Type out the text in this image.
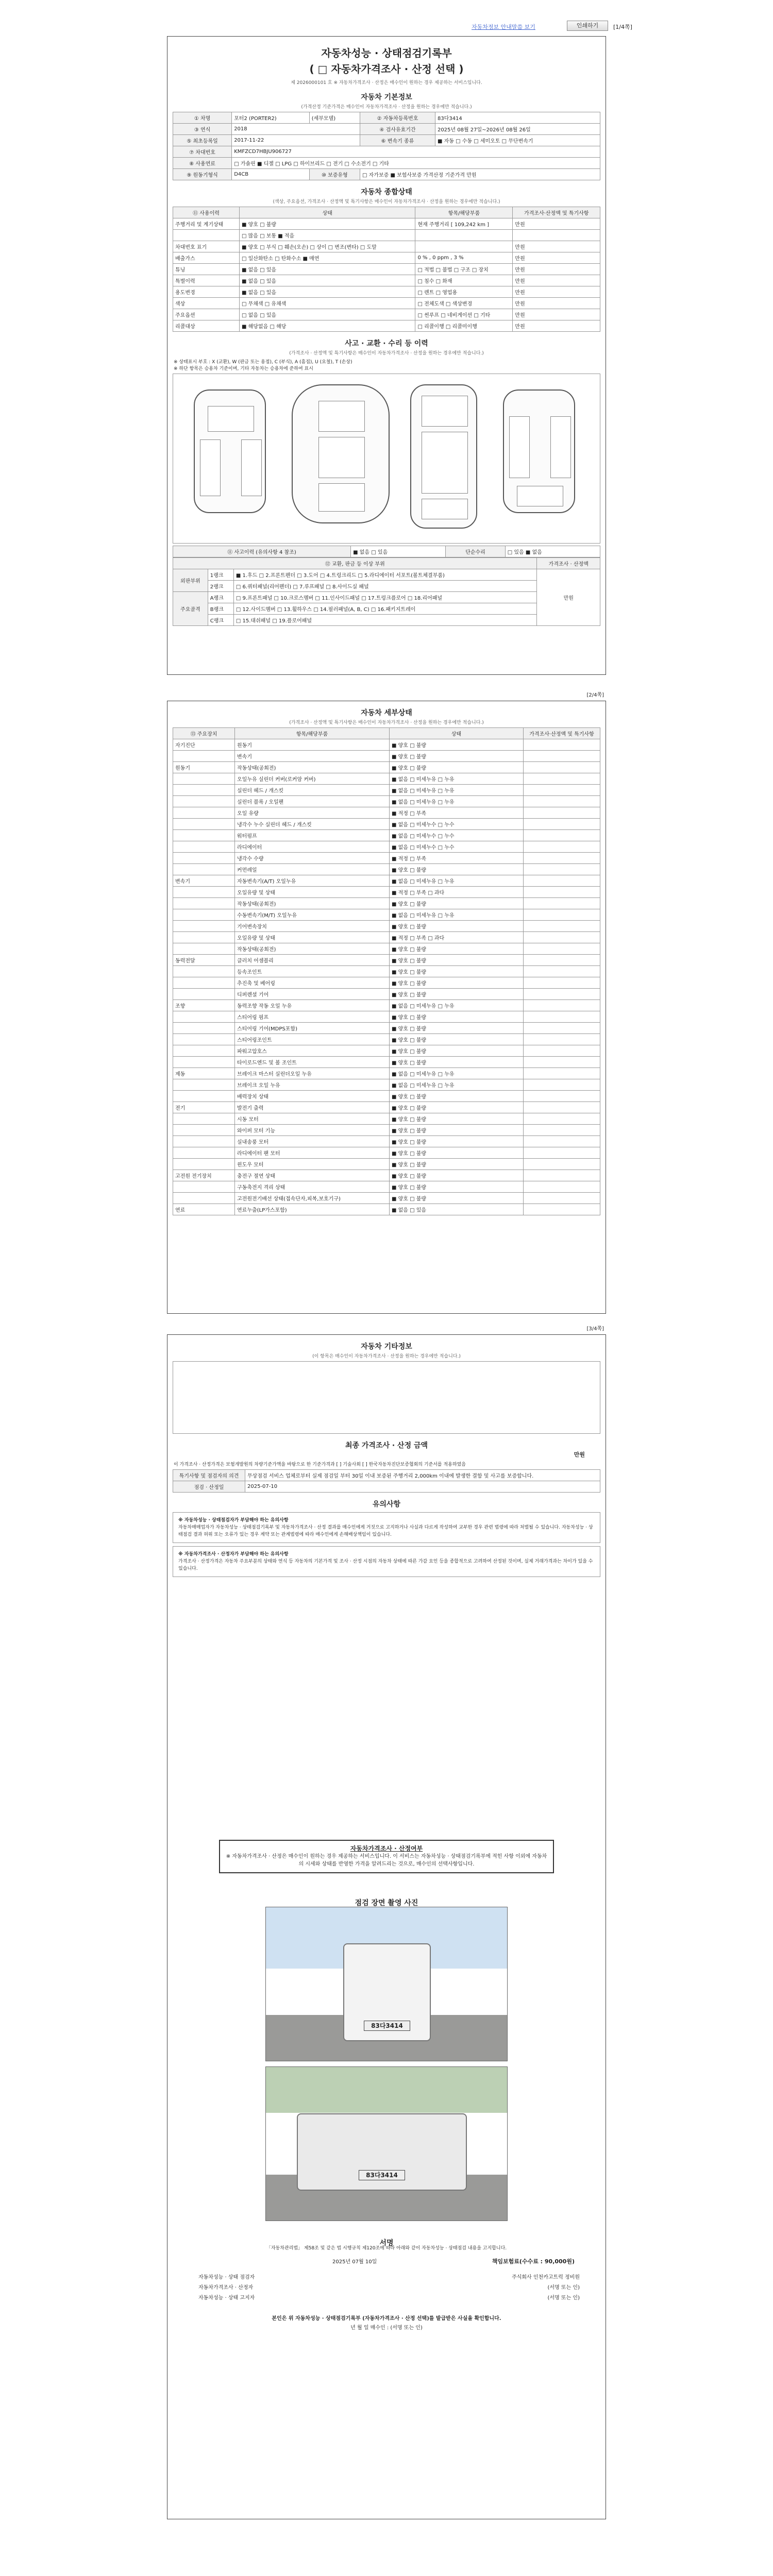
자동차정보 안내말씀 보기	인쇄하기	[1/4쪽]
자동차성능 · 상태점검기록부
( □ 자동차가격조사 · 산정 선택 )
제 2026000101 호 ※ 자동차가격조사 · 산정은 매수인이 원하는 경우 제공하는 서비스입니다.
자동차 기본정보
(가격산정 기준가격은 매수인이 자동차가격조사 · 산정을 원하는 경우에만 적습니다.)
① 차명	포터2 (PORTER2)	(세부모델)	② 자동차등록번호	83다3414
③ 연식	2018		④ 검사유효기간	2025년 08월 27일~2026년 08월 26일
⑤ 최초등록일	2017-11-22		⑥ 변속기 종류	■ 자동 □ 수동 □ 세미오토 □ 무단변속기
⑦ 차대번호	KMFZCD7HBJU906727			
⑧ 사용연료	□ 가솔린 ■ 디젤 □ LPG □ 하이브리드 □ 전기 □ 수소전기 □ 기타			
⑨ 원동기형식	D4CB	⑩ 보증유형	□ 자가보증 ■ 보험사보증 가격산정 기준가격 만원	
자동차 종합상태
(색상, 주요옵션, 가격조사 · 산정액 및 특기사항은 매수인이 자동차가격조사 · 산정을 원하는 경우에만 적습니다.)
⑪ 사용이력	상태	항목/해당부품	가격조사·산정액 및 특기사항
주행거리 및 계기상태	■ 양호 □ 불량	현재 주행거리 [ 109,242 km ]	만원
	□ 많음 □ 보통 ■ 적음		
차대번호 표기	■ 양호 □ 부식 □ 훼손(오손) □ 상이 □ 변조(변타) □ 도말		만원
배출가스	□ 일산화탄소 □ 탄화수소 ■ 매연	0 % , 0 ppm , 3 %	만원
튜닝	■ 없음 □ 있음	□ 적법 □ 불법 □ 구조 □ 장치	만원
특별이력	■ 없음 □ 있음	□ 침수 □ 화재	만원
용도변경	■ 없음 □ 있음	□ 렌트 □ 영업용	만원
색상	□ 무채색 □ 유채색	□ 전체도색 □ 색상변경	만원
주요옵션	□ 없음 □ 있음	□ 썬루프 □ 네비게이션 □ 기타	만원
리콜대상	■ 해당없음 □ 해당	□ 리콜이행 □ 리콜미이행	만원
사고 · 교환 · 수리 등 이력
(가격조사 · 산정액 및 특기사항은 매수인이 자동차가격조사 · 산정을 원하는 경우에만 적습니다.)
※ 상태표시 부호 : X (교환), W (판금 또는 용접), C (부식), A (흠집), U (요철), T (손상)
※ 하단 항목은 승용차 기준이며, 기타 자동차는 승용차에 준하여 표시
⑪ 사고이력 (유의사항 4 참조)	■ 없음 □ 있음	단순수리	□ 있음 ■ 없음
⑫ 교환, 판금 등 이상 부위			가격조사 · 산정액
외판부위	1랭크	■ 1.후드 □ 2.프론트펜더 □ 3.도어 □ 4.트렁크리드 □ 5.라디에이터 서포트(볼트체결부품)	만원
	2랭크	□ 6.쿼터패널(리어펜더) □ 7.루프패널 □ 8.사이드실 패널	
주요골격	A랭크	□ 9.프론트패널 □ 10.크로스멤버 □ 11.인사이드패널 □ 17.트렁크플로어 □ 18.리어패널	
	B랭크	□ 12.사이드멤버 □ 13.휠하우스 □ 14.필러패널(A, B, C) □ 16.패키지트레이	
	C랭크	□ 15.대쉬패널 □ 19.플로어패널	
[2/4쪽]
자동차 세부상태
(가격조사 · 산정액 및 특기사항은 매수인이 자동차가격조사 · 산정을 원하는 경우에만 적습니다.)
⑬ 주요장치	항목/해당부품	상태	가격조사·산정액 및 특기사항
자기진단	원동기	■ 양호 □ 불량	
	변속기	■ 양호 □ 불량	
원동기	작동상태(공회전)	■ 양호 □ 불량	
	오일누유 실린더 커버(로커암 커버)	■ 없음 □ 미세누유 □ 누유	
	실린더 헤드 / 개스킷	■ 없음 □ 미세누유 □ 누유	
	실린더 블록 / 오일팬	■ 없음 □ 미세누유 □ 누유	
	오일 유량	■ 적정 □ 부족	
	냉각수 누수 실린더 헤드 / 개스킷	■ 없음 □ 미세누수 □ 누수	
	워터펌프	■ 없음 □ 미세누수 □ 누수	
	라디에이터	■ 없음 □ 미세누수 □ 누수	
	냉각수 수량	■ 적정 □ 부족	
	커먼레일	■ 양호 □ 불량	
변속기	자동변속기(A/T) 오일누유	■ 없음 □ 미세누유 □ 누유	
	오일유량 및 상태	■ 적정 □ 부족 □ 과다	
	작동상태(공회전)	■ 양호 □ 불량	
	수동변속기(M/T) 오일누유	■ 없음 □ 미세누유 □ 누유	
	기어변속장치	■ 양호 □ 불량	
	오일유량 및 상태	■ 적정 □ 부족 □ 과다	
	작동상태(공회전)	■ 양호 □ 불량	
동력전달	클러치 어셈블리	■ 양호 □ 불량	
	등속조인트	■ 양호 □ 불량	
	추진축 및 베어링	■ 양호 □ 불량	
	디퍼렌셜 기어	■ 양호 □ 불량	
조향	동력조향 작동 오일 누유	■ 없음 □ 미세누유 □ 누유	
	스티어링 펌프	■ 양호 □ 불량	
	스티어링 기어(MDPS포함)	■ 양호 □ 불량	
	스티어링조인트	■ 양호 □ 불량	
	파워고압호스	■ 양호 □ 불량	
	타이로드엔드 및 볼 조인트	■ 양호 □ 불량	
제동	브레이크 마스터 실린더오일 누유	■ 없음 □ 미세누유 □ 누유	
	브레이크 오일 누유	■ 없음 □ 미세누유 □ 누유	
	배력장치 상태	■ 양호 □ 불량	
전기	발전기 출력	■ 양호 □ 불량	
	시동 모터	■ 양호 □ 불량	
	와이퍼 모터 기능	■ 양호 □ 불량	
	실내송풍 모터	■ 양호 □ 불량	
	라디에이터 팬 모터	■ 양호 □ 불량	
	윈도우 모터	■ 양호 □ 불량	
고전원 전기장치	충전구 절연 상태	■ 양호 □ 불량	
	구동축전지 격리 상태	■ 양호 □ 불량	
	고전원전기배선 상태(접속단자,피복,보호기구)	■ 양호 □ 불량	
연료	연료누출(LP가스포함)	■ 없음 □ 있음	
[3/4쪽]
자동차 기타정보
(이 항목은 매수인이 자동차가격조사 · 산정을 원하는 경우에만 적습니다.)
최종 가격조사 · 산정 금액
만원
이 가격조사 · 산정가격은 보험개발원의 차량기준가액을 바탕으로 한 기준가격과 [ ] 기술사회 [ ] 한국자동차진단보증협회의 기준서를 적용하였음
특기사항 및 점검자의 의견	무상점검 서비스 업체로부터 실제 점검일 부터 30일 이내 보증된 주행거리 2,000km 이내에 발생한 결함 및 사고를 보증합니다.
점검 · 산정일	2025-07-10
유의사항
※ 자동차성능 · 상태점검자가 부담해야 하는 유의사항
자동차매매업자가 자동차성능 · 상태점검기록부 및 자동차가격조사 · 산정 결과를 매수인에게 거짓으로 고지하거나 사실과 다르게 작성하여 교부한 경우 관련 법령에 따라 처벌될 수 있습니다. 자동차성능 · 상태점검 결과 허위 또는 오류가 있는 경우 계약 또는 관계법령에 따라 매수인에게 손해배상책임이 있습니다.
※ 자동차가격조사 · 산정자가 부담해야 하는 유의사항
가격조사 · 산정가격은 자동차 주요부분의 상태와 연식 등 자동차의 기본가격 및 조사 · 산정 시점의 자동차 상태에 따른 가감 요인 등을 종합적으로 고려하여 산정된 것이며, 실제 거래가격과는 차이가 있을 수 있습니다.
자동차가격조사 · 산정여부
※ 자동차가격조사 · 산정은 매수인이 원하는 경우 제공하는 서비스입니다. 이 서비스는 자동차성능 · 상태점검기록부에 적힌 사항 이외에 자동차의 시세와 상태를 반영한 가격을 알려드리는 것으로, 매수인의 선택사항입니다.
점검 장면 촬영 사진
83다3414
83다3414
서명
「자동차관리법」 제58조 및 같은 법 시행규칙 제120조에 따라 아래와 같이 자동차성능 · 상태점검 내용을 고지합니다.
2025년 07월 10일	책임보험료(수수료 : 90,000원)
자동차성능 · 상태 점검자	주식회사 인천카고트럭 정비원
자동차가격조사 · 산정자	(서명 또는 인)
자동차성능 · 상태 고지자	(서명 또는 인)
본인은 위 자동차성능 · 상태점검기록부 (자동차가격조사 · 산정 선택)를 발급받은 사실을 확인합니다.
년 월 일 매수인 : (서명 또는 인)
